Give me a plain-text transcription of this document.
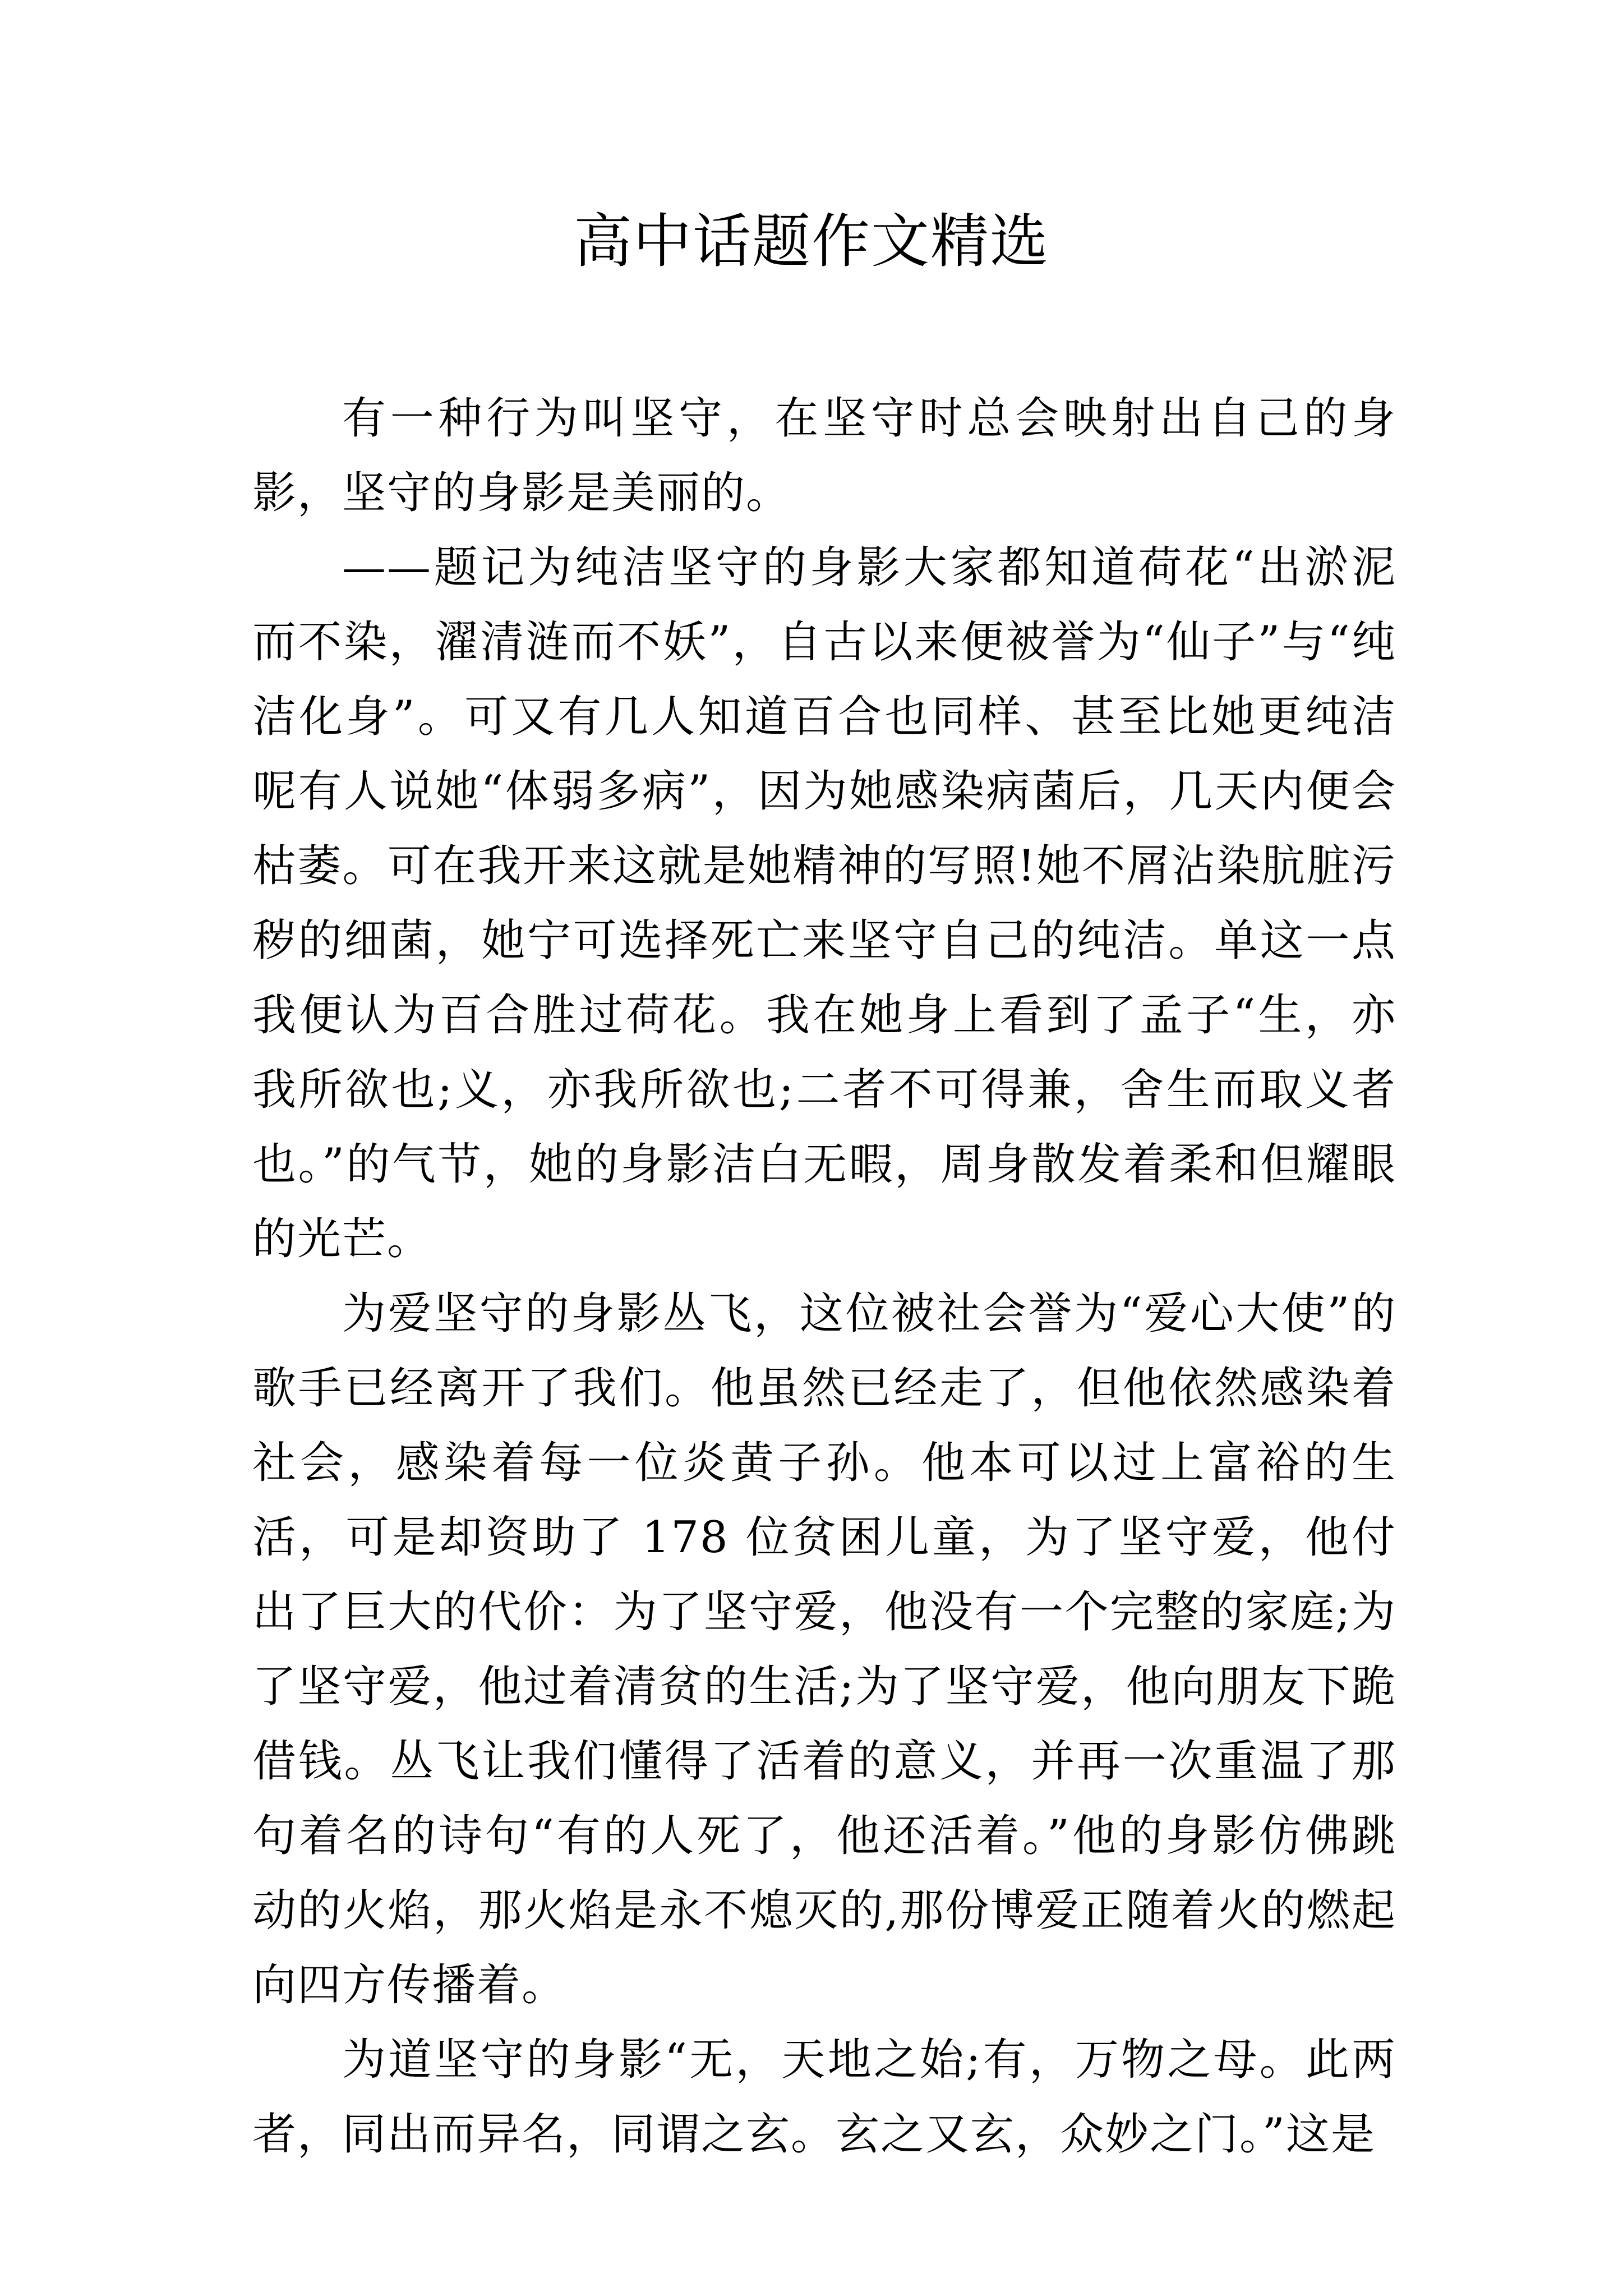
高中话题作文精选

有一种行为叫坚守，在坚守时总会映射出自己的身影，坚守的身影是美丽的。

——题记为纯洁坚守的身影大家都知道荷花“出淤泥而不染，濯清涟而不妖”，自古以来便被誉为“仙子”与“纯洁化身”。可又有几人知道百合也同样、甚至比她更纯洁呢有人说她“体弱多病”，因为她感染病菌后，几天内便会枯萎。可在我开来这就是她精神的写照!她不屑沾染肮脏污秽的细菌，她宁可选择死亡来坚守自己的纯洁。单这一点我便认为百合胜过荷花。我在她身上看到了孟子“生，亦我所欲也;义，亦我所欲也;二者不可得兼，舍生而取义者也。”的气节，她的身影洁白无暇，周身散发着柔和但耀眼的光芒。

为爱坚守的身影丛飞，这位被社会誉为“爱心大使”的歌手已经离开了我们。他虽然已经走了，但他依然感染着社会，感染着每一位炎黄子孙。他本可以过上富裕的生活，可是却资助了 178 位贫困儿童，为了坚守爱，他付出了巨大的代价：为了坚守爱，他没有一个完整的家庭;为了坚守爱，他过着清贫的生活;为了坚守爱，他向朋友下跪借钱。丛飞让我们懂得了活着的意义，并再一次重温了那句着名的诗句“有的人死了，他还活着。”他的身影仿佛跳动的火焰，那火焰是永不熄灭的,那份博爱正随着火的燃起向四方传播着。

为道坚守的身影“无，天地之始;有，万物之母。此两者，同出而异名，同谓之玄。玄之又玄，众妙之门。”这是
